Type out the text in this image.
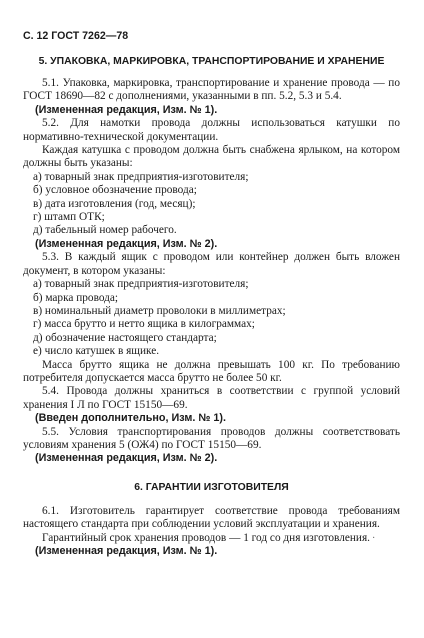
С. 12 ГОСТ 7262—78
5. УПАКОВКА, МАРКИРОВКА, ТРАНСПОРТИРОВАНИЕ И ХРАНЕНИЕ

5.1. Упаковка, маркировка, транспортирование и хранение провода — по ГОСТ 18690—82 с дополнениями, указанными в пп. 5.2, 5.3 и 5.4.

(Измененная редакция, Изм. № 1).

5.2. Для намотки провода должны использоваться катушки по нормативно-технической документации.

Каждая катушка с проводом должна быть снабжена ярлыком, на котором должны быть указаны:

а) товарный знак предприятия-изготовителя;

б) условное обозначение провода;

в) дата изготовления (год, месяц);

г) штамп ОТК;

д) табельный номер рабочего.

(Измененная редакция, Изм. № 2).

5.3. В каждый ящик с проводом или контейнер должен быть вложен документ, в котором указаны:

а) товарный знак предприятия-изготовителя;

б) марка провода;

в) номинальный диаметр проволоки в миллиметрах;

г) масса брутто и нетто ящика в килограммах;

д) обозначение настоящего стандарта;

е) число катушек в ящике.

Масса брутто ящика не должна превышать 100 кг. По требованию потребителя допускается масса брутто не более 50 кг.

5.4. Провода должны храниться в соответствии с группой условий хранения I Л по ГОСТ 15150—69.

(Введен дополнительно, Изм. № 1).

5.5. Условия транспортирования проводов должны соответствовать условиям хранения 5 (ОЖ4) по ГОСТ 15150—69.

(Измененная редакция, Изм. № 2).

6. ГАРАНТИИ ИЗГОТОВИТЕЛЯ

6.1. Изготовитель гарантирует соответствие провода требованиям настоящего стандарта при соблюдении условий эксплуатации и хранения.

Гарантийный срок хранения проводов — 1 год со дня изготовления.

(Измененная редакция, Изм. № 1).

·
